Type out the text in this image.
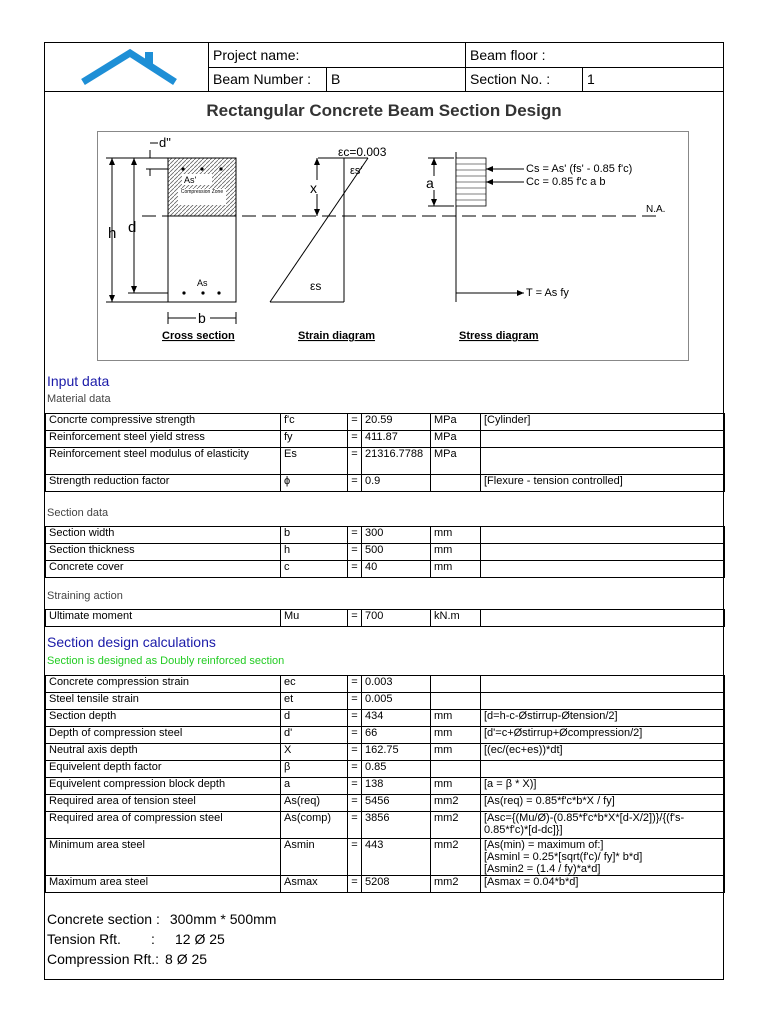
Project name:	Beam floor :
Beam Number :	B	Section No. :	1
Rectangular Concrete Beam Section Design
As'
Compression Zone
As
h d
d"
b
N.A.
εc=0.003
εs'
εs
x	a
Cs = As' (fs' - 0.85 f'c)
Cc = 0.85 f'c a b
T = As fy
Cross section	Strain diagram	Stress diagram
Input data
Material data
Concrte compressive strength	f'c	=	20.59	MPa	[Cylinder]
Reinforcement steel yield stress	fy	=	411.87	MPa	
Reinforcement steel modulus of elasticity	Es	=	21316.7788	MPa	
Strength reduction factor	ϕ	=	0.9		[Flexure - tension controlled]
Section data
Section width	b	=	300	mm	
Section thickness	h	=	500	mm	
Concrete cover	c	=	40	mm	
Straining action
Ultimate moment	Mu	=	700	kN.m	
Section design calculations
Section is designed as Doubly reinforced section
Concrete compression strain	ec	=	0.003		
Steel tensile strain	et	=	0.005		
Section depth	d	=	434	mm	[d=h-c-Østirrup-Øtension/2]
Depth of compression steel	d'	=	66	mm	[d'=c+Østirrup+Øcompression/2]
Neutral axis depth	X	=	162.75	mm	[(ec/(ec+es))*dt]
Equivelent depth factor	β	=	0.85		
Equivelent compression block depth	a	=	138	mm	[a = β * X)]
Required area of tension steel	As(req)	=	5456	mm2	[As(req) = 0.85*f'c*b*X / fy]
Required area of compression steel	As(comp)	=	3856	mm2	[Asc={(Mu/Ø)-(0.85*f'c*b*X*[d-X/2])}/{(f's-0.85*f'c)*[d-dc]}]
Minimum area steel	Asmin	=	443	mm2	[As(min) = maximum of:]
[Asminl = 0.25*[sqrt(f'c)/ fy]* b*d]
[Asmin2 = (1.4 / fy)*a*d]
Maximum area steel	Asmax	=	5208	mm2	[Asmax = 0.04*b*d]
Concrete section : 300mm * 500mm
Tension Rft. : 12 Ø 25
Compression Rft.: 8 Ø 25
